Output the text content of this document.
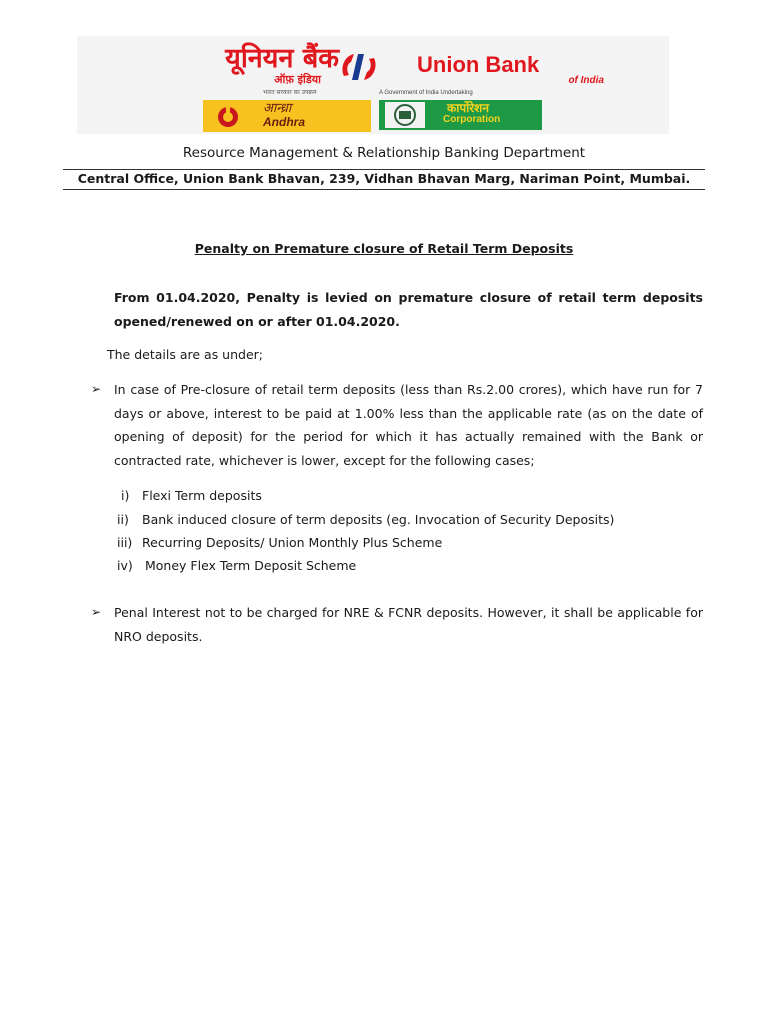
यूनियन बैंक
ऑफ़ इंडिया
Union Bank
of India
भारत सरकार का उपक्रम	A Government of India Undertaking
आन्ध्रा
Andhra
कार्पोरेशन
Corporation
Resource Management & Relationship Banking Department
Central Office, Union Bank Bhavan, 239, Vidhan Bhavan Marg, Nariman Point, Mumbai.
Penalty on Premature closure of Retail Term Deposits
From 01.04.2020, Penalty is levied on premature closure of retail term deposits opened/renewed on or after 01.04.2020.
The details are as under;
➢ In case of Pre-closure of retail term deposits (less than Rs.2.00 crores), which have run for 7 days or above, interest to be paid at 1.00% less than the applicable rate (as on the date of opening of deposit) for the period for which it has actually remained with the Bank or contracted rate, whichever is lower, except for the following cases;
i) Flexi Term deposits
ii) Bank induced closure of term deposits (eg. Invocation of Security Deposits)
iii) Recurring Deposits/ Union Monthly Plus Scheme
iv) Money Flex Term Deposit Scheme
➢ Penal Interest not to be charged for NRE & FCNR deposits. However, it shall be applicable for NRO deposits.
